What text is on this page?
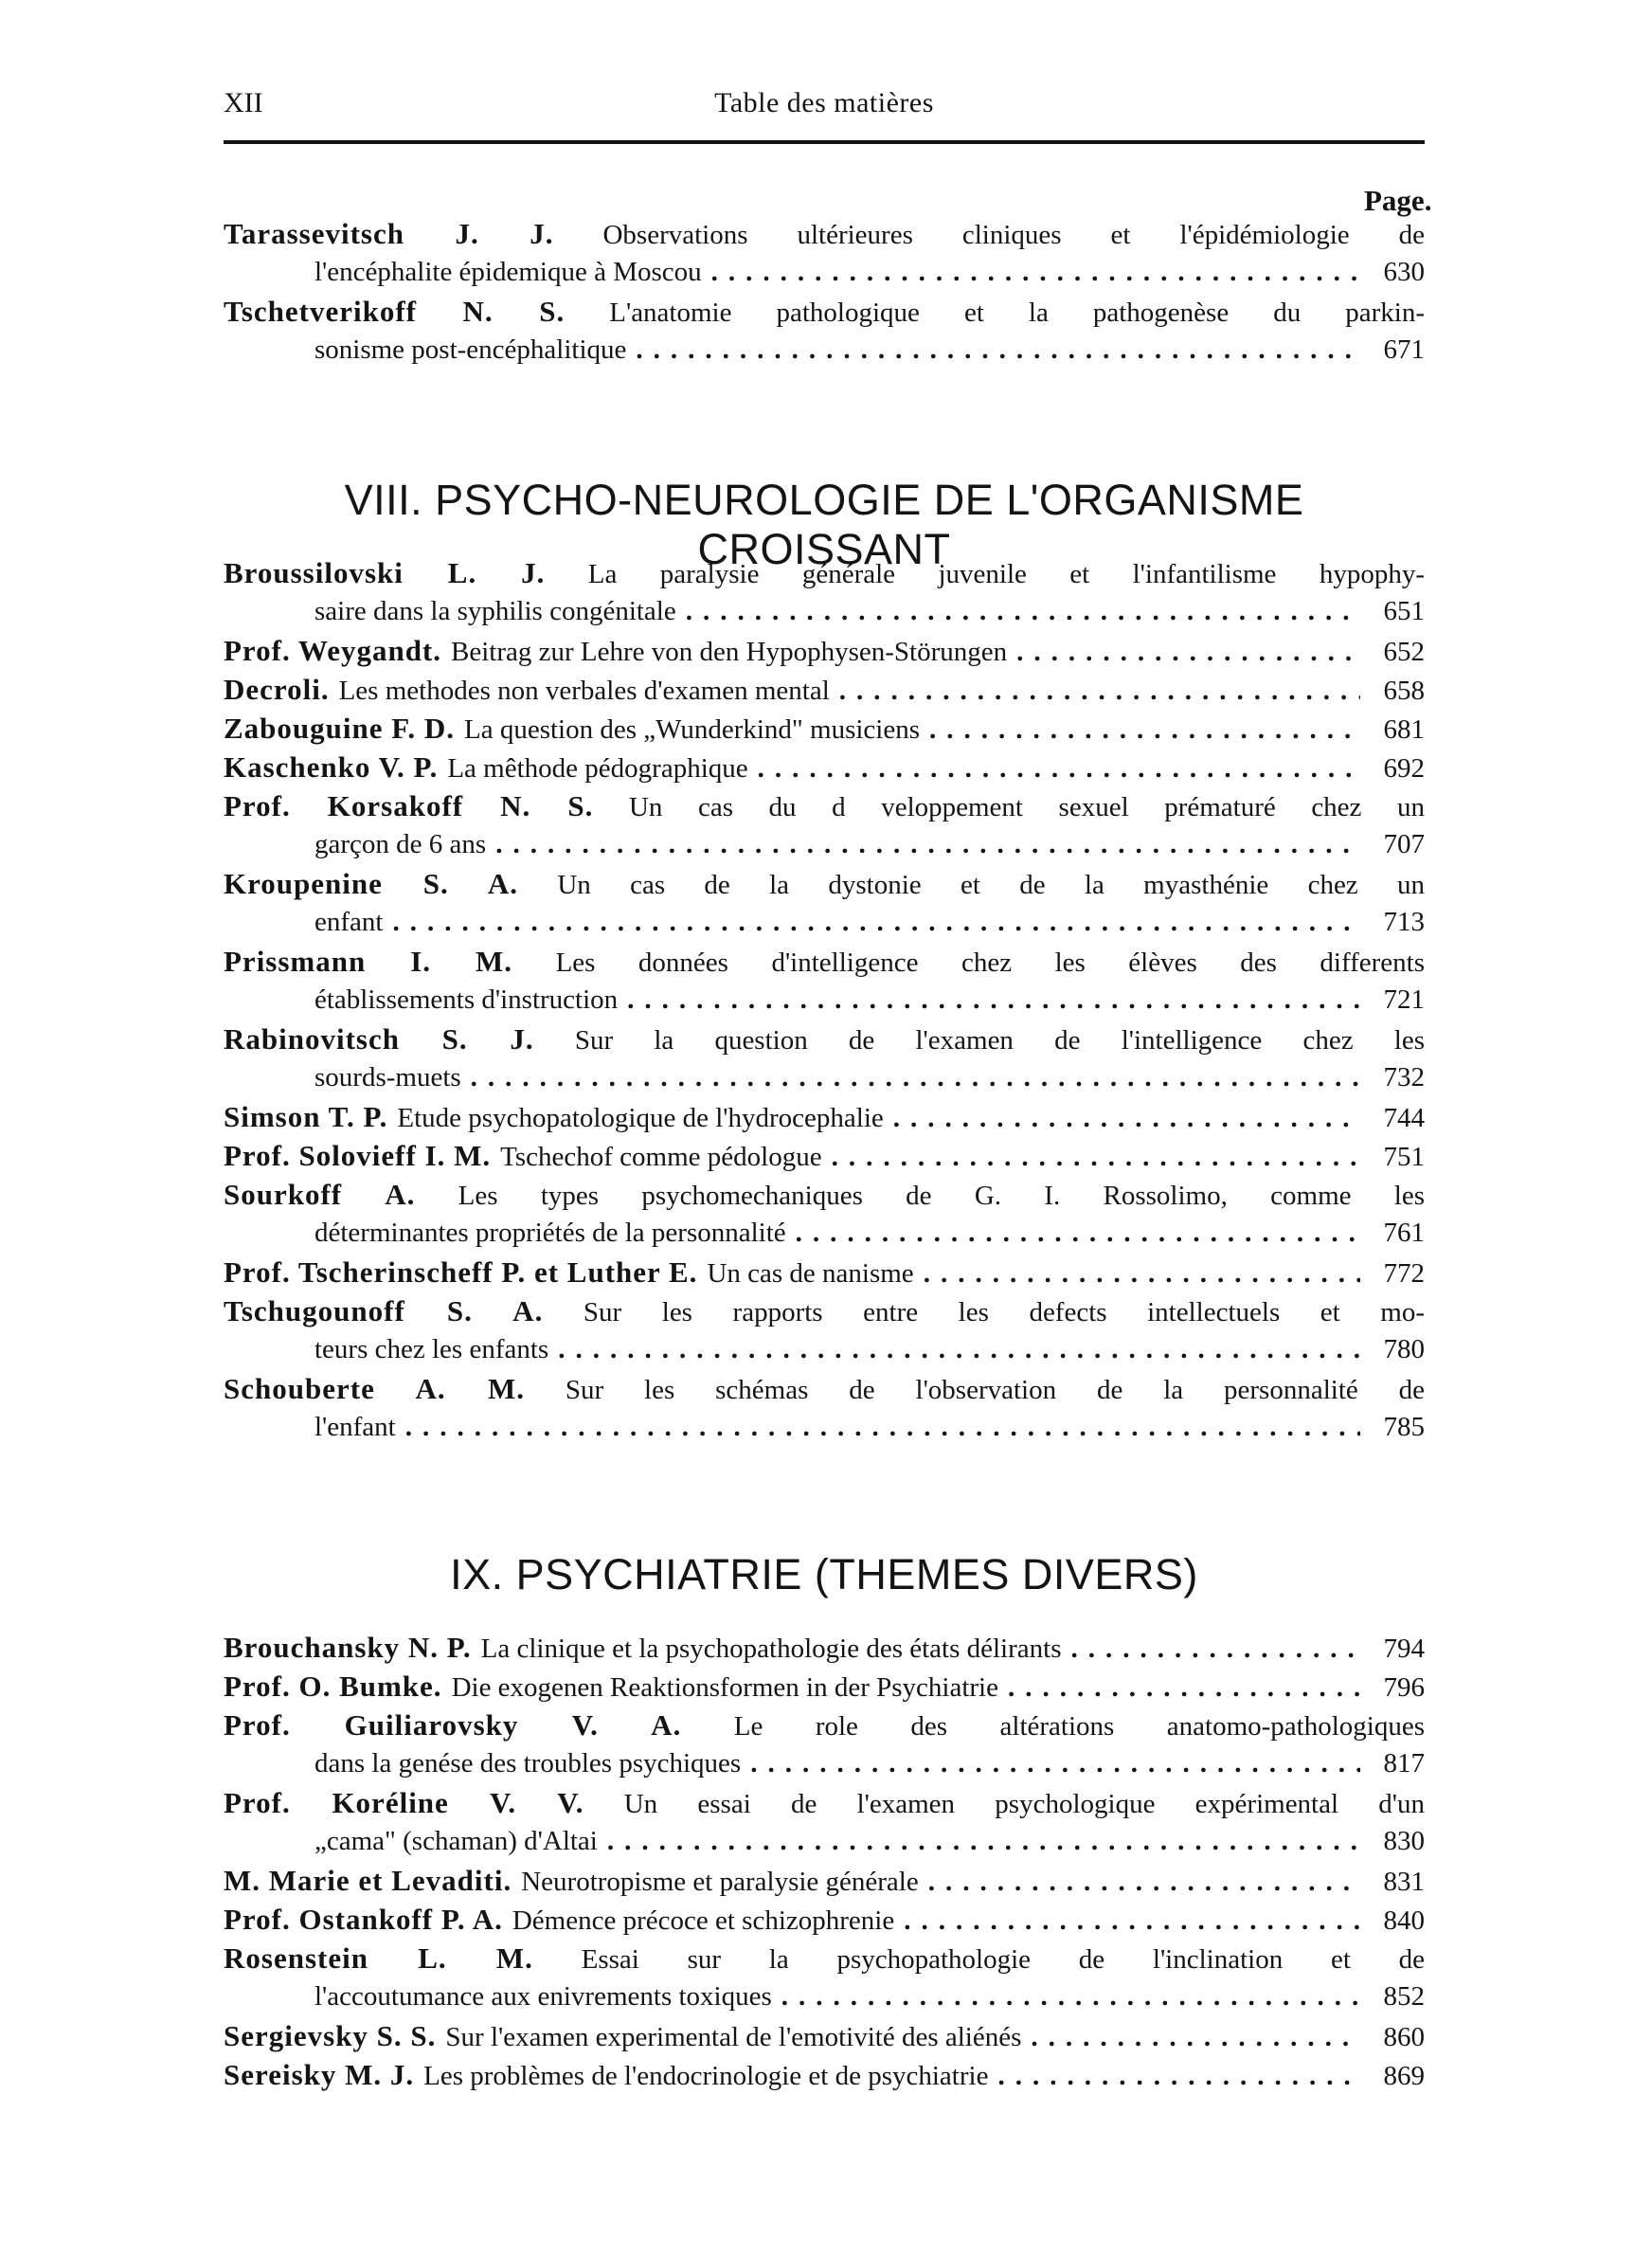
XII	Table des matières
Page.
Tarassevitsch J. J. Observations ultérieures cliniques et l'épidémiologie de
l'encéphalite épidemique à Moscou .....	630
Tschetverikoff N. S. L'anatomie pathologique et la pathogenèse du parkin-
sonisme post-encéphalitique .....	671
VIII. PSYCHO-NEUROLOGIE DE L'ORGANISME CROISSANT
Broussilovski L. J. La paralysie générale juvenile et l'infantilisme hypophy-
saire dans la syphilis congénitale .....	651
Prof. Weygandt. Beitrag zur Lehre von den Hypophysen-Störungen .....	652
Decroli. Les methodes non verbales d'examen mental .....	658
Zabouguine F. D. La question des „Wunderkind" musiciens .....	681
Kaschenko V. P. La mêthode pédographique .....	692
Prof. Korsakoff N. S. Un cas du d veloppement sexuel prématuré chez un
garçon de 6 ans .....	707
Kroupenine S. A. Un cas de la dystonie et de la myasthénie chez un
enfant .....	713
Prissmann I. M. Les données d'intelligence chez les élèves des differents
établissements d'instruction .....	721
Rabinovitsch S. J. Sur la question de l'examen de l'intelligence chez les
sourds-muets .....	732
Simson T. P. Etude psychopatologique de l'hydrocephalie .....	744
Prof. Solovieff I. M. Tschechof comme pédologue .....	751
Sourkoff A. Les types psychomechaniques de G. I. Rossolimo, comme les
déterminantes propriétés de la personnalité .....	761
Prof. Tscherinscheff P. et Luther E. Un cas de nanisme .....	772
Tschugounoff S. A. Sur les rapports entre les defects intellectuels et mo-
teurs chez les enfants .....	780
Schouberte A. M. Sur les schémas de l'observation de la personnalité de
l'enfant .....	785
IX. PSYCHIATRIE (THEMES DIVERS)
Brouchansky N. P. La clinique et la psychopathologie des états délirants .....	794
Prof. O. Bumke. Die exogenen Reaktionsformen in der Psychiatrie .....	796
Prof. Guiliarovsky V. A. Le role des altérations anatomo-pathologiques
dans la genése des troubles psychiques .....	817
Prof. Koréline V. V. Un essai de l'examen psychologique expérimental d'un
„cama" (schaman) d'Altai .....	830
M. Marie et Levaditi. Neurotropisme et paralysie générale .....	831
Prof. Ostankoff P. A. Démence précoce et schizophrenie .....	840
Rosenstein L. M. Essai sur la psychopathologie de l'inclination et de
l'accoutumance aux enivrements toxiques .....	852
Sergievsky S. S. Sur l'examen experimental de l'emotivité des aliénés .....	860
Sereisky M. J. Les problèmes de l'endocrinologie et de psychiatrie .....	869
